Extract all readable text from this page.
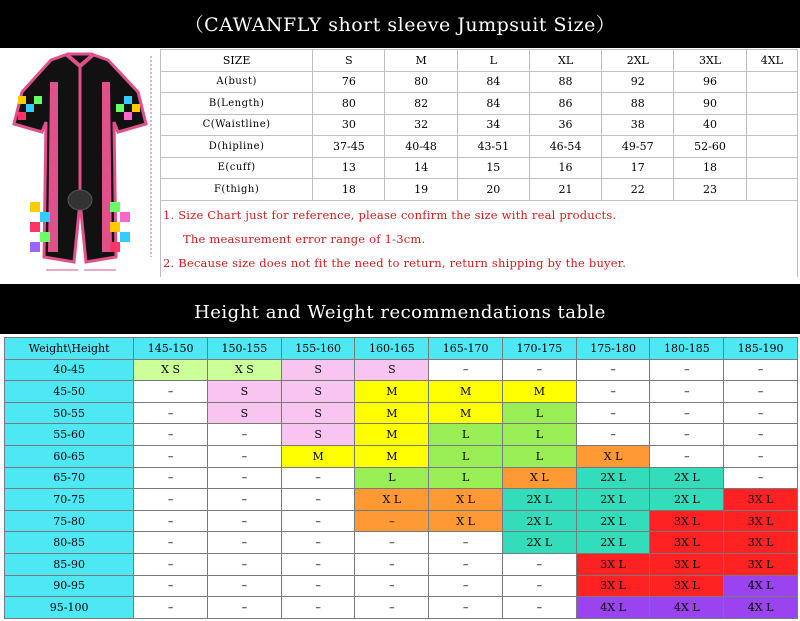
（CAWANFLY short sleeve Jumpsuit Size）
SIZE	S	M	L	XL	2XL	3XL	4XL
A(bust)	76	80	84	88	92	96	
B(Length)	80	82	84	86	88	90	
C(Waistline)	30	32	34	36	38	40	
D(hipline)	37-45	40-48	43-51	46-54	49-57	52-60	
E(cuff)	13	14	15	16	17	18	
F(thigh)	18	19	20	21	22	23	
1. Size Chart just for reference, please confirm the size with real products.							
The measurement error range of 1-3cm.							
2. Because size does not fit the need to return, return shipping by the buyer.							
Height and Weight recommendations table
Weight\Height	145-150	150-155	155-160	160-165	165-170	170-175	175-180	180-185	185-190
40-45	X S	X S	S	S	–	–	–	–	–
45-50	–	S	S	M	M	M	–	–	–
50-55	–	S	S	M	M	L	–	–	–
55-60	–	–	S	M	L	L	–	–	–
60-65	–	–	M	M	L	L	X L	–	–
65-70	–	–	–	L	L	X L	2X L	2X L	–
70-75	–	–	–	X L	X L	2X L	2X L	2X L	3X L
75-80	–	–	–	–	X L	2X L	2X L	3X L	3X L
80-85	–	–	–	–	–	2X L	2X L	3X L	3X L
85-90	–	–	–	–	–	–	3X L	3X L	3X L
90-95	–	–	–	–	–	–	3X L	3X L	4X L
95-100	–	–	–	–	–	–	4X L	4X L	4X L
